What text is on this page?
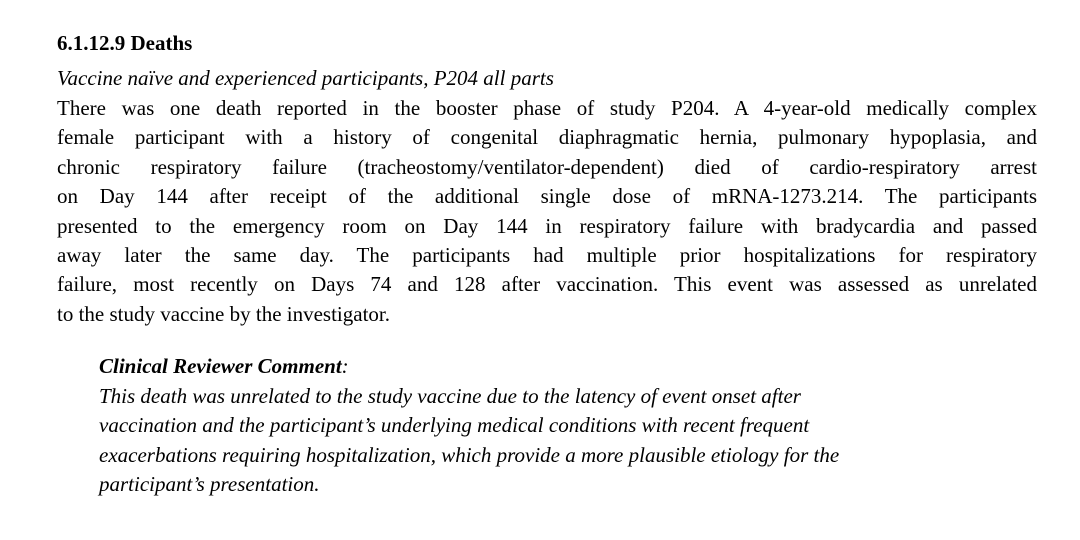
6.1.12.9 Deaths
Vaccine naïve and experienced participants, P204 all parts
There was one death reported in the booster phase of study P204. A 4-year-old medically complex
female participant with a history of congenital diaphragmatic hernia, pulmonary hypoplasia, and
chronic respiratory failure (tracheostomy/ventilator-dependent) died of cardio-respiratory arrest
on Day 144 after receipt of the additional single dose of mRNA-1273.214. The participants
presented to the emergency room on Day 144 in respiratory failure with bradycardia and passed
away later the same day. The participants had multiple prior hospitalizations for respiratory
failure, most recently on Days 74 and 128 after vaccination. This event was assessed as unrelated
to the study vaccine by the investigator.
Clinical Reviewer Comment:
This death was unrelated to the study vaccine due to the latency of event onset after
vaccination and the participant’s underlying medical conditions with recent frequent
exacerbations requiring hospitalization, which provide a more plausible etiology for the
participant’s presentation.
